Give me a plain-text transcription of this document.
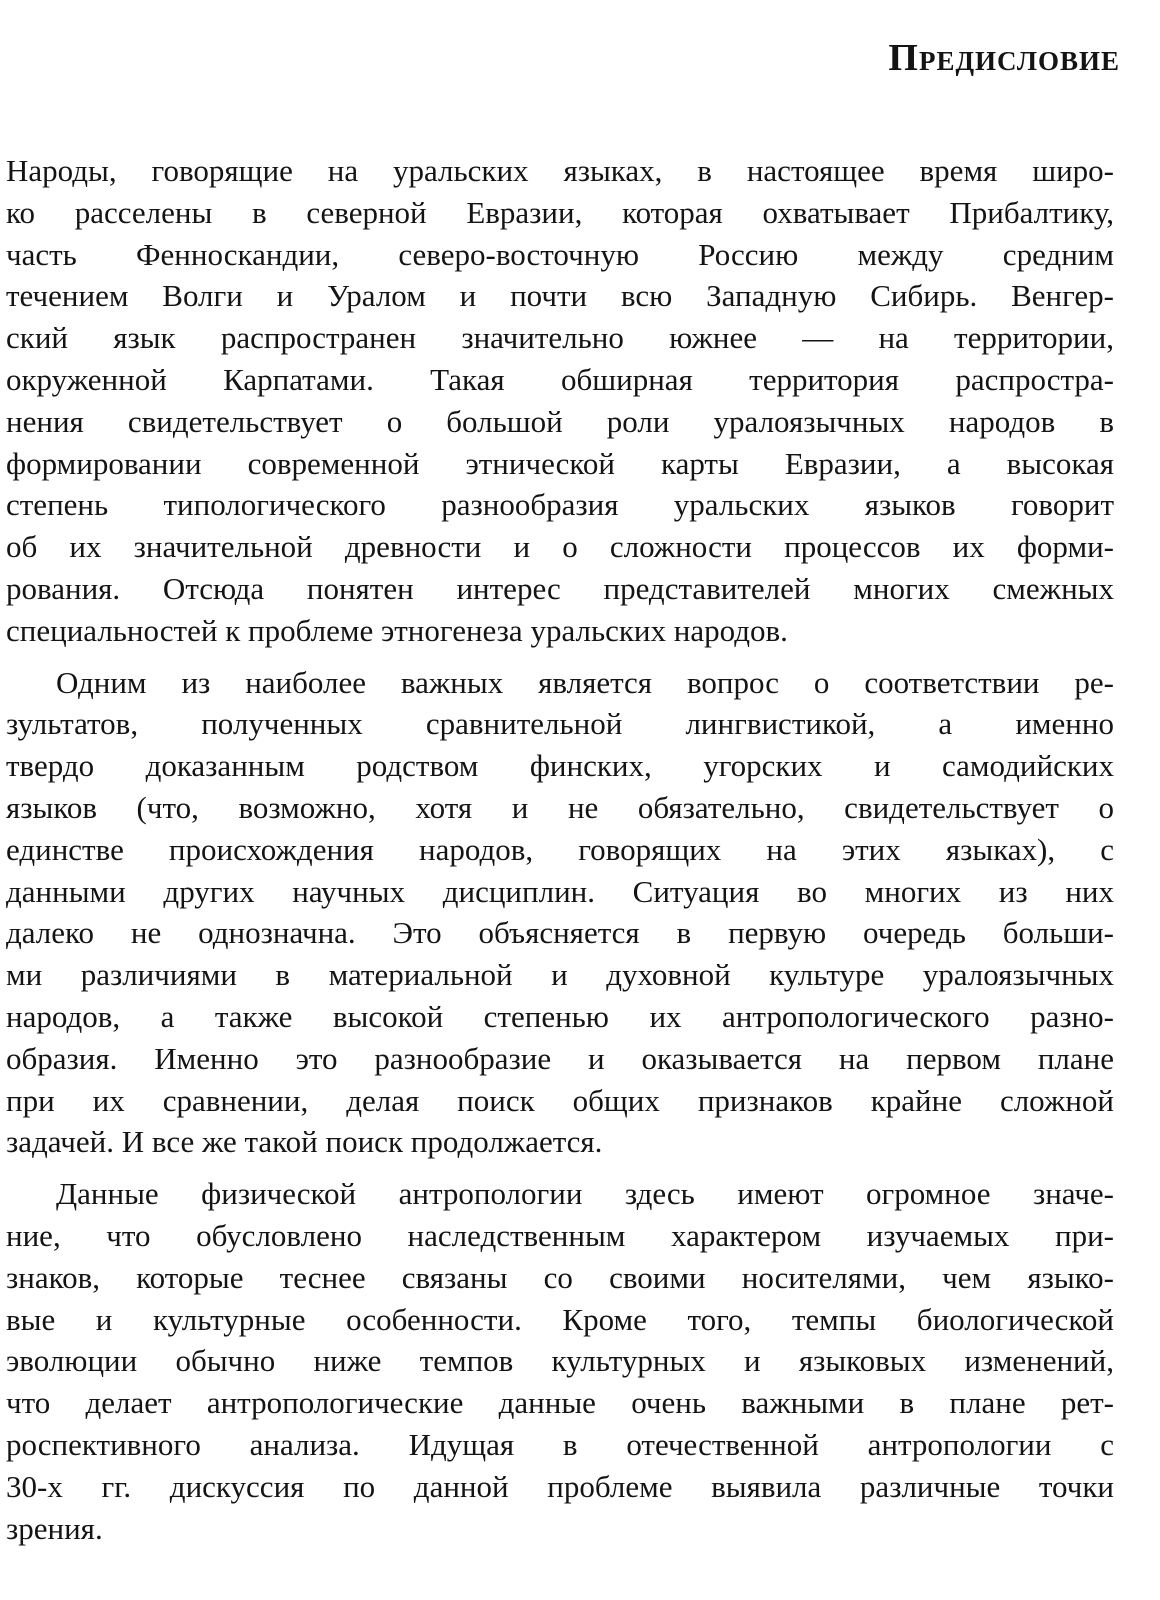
Предисловие

Народы, говорящие на уральских языках, в настоящее время широ-
ко расселены в северной Евразии, которая охватывает Прибалтику,
часть Фенноскандии, северо-восточную Россию между средним
течением Волги и Уралом и почти всю Западную Сибирь. Венгер-
ский язык распространен значительно южнее — на территории,
окруженной Карпатами. Такая обширная территория распростра-
нения свидетельствует о большой роли уралоязычных народов в
формировании современной этнической карты Евразии, а высокая
степень типологического разнообразия уральских языков говорит
об их значительной древности и о сложности процессов их форми-
рования. Отсюда понятен интерес представителей многих смежных
специальностей к проблеме этногенеза уральских народов.

Одним из наиболее важных является вопрос о соответствии ре-
зультатов, полученных сравнительной лингвистикой, а именно
твердо доказанным родством финских, угорских и самодийских
языков (что, возможно, хотя и не обязательно, свидетельствует о
единстве происхождения народов, говорящих на этих языках), с
данными других научных дисциплин. Ситуация во многих из них
далеко не однозначна. Это объясняется в первую очередь больши-
ми различиями в материальной и духовной культуре уралоязычных
народов, а также высокой степенью их антропологического разно-
образия. Именно это разнообразие и оказывается на первом плане
при их сравнении, делая поиск общих признаков крайне сложной
задачей. И все же такой поиск продолжается.

Данные физической антропологии здесь имеют огромное значе-
ние, что обусловлено наследственным характером изучаемых при-
знаков, которые теснее связаны со своими носителями, чем языко-
вые и культурные особенности. Кроме того, темпы биологической
эволюции обычно ниже темпов культурных и языковых изменений,
что делает антропологические данные очень важными в плане рет-
роспективного анализа. Идущая в отечественной антропологии с
30-х гг. дискуссия по данной проблеме выявила различные точки
зрения.
